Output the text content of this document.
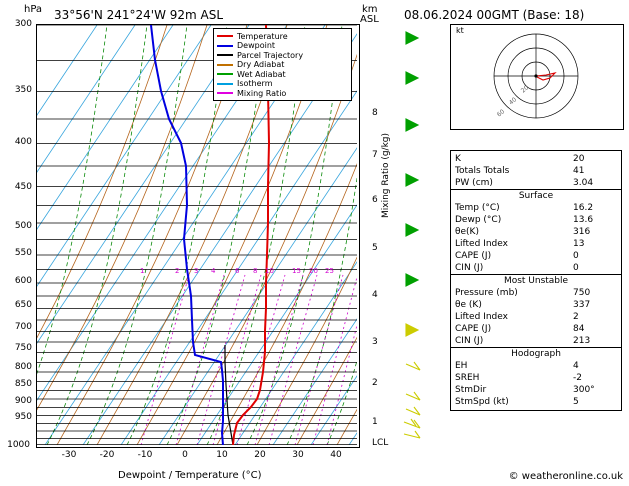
hPa 33°56'N 241°24'W 92m ASL	km
ASL 08.06.2024 00GMT (Base: 18)
1	2 3 4	6 8 10	15 20 25
Temperature
Dewpoint
Parcel Trajectory
Dry Adiabat
Wet Adiabat
Isotherm
Mixing Ratio
300
350
400
450
500
550
600
650
700
750
800
850
900
950
1000
-30	-20	-10	0	10	20	30	40
Dewpoint / Temperature (°C)
8
7
6
5
4
3
2
1
LCL
Mixing Ratio (g/kg)
20
40
60
kt
K	20
Totals Totals	41
PW (cm)	3.04
Surface
Temp (°C)	16.2
Dewp (°C)	13.6
θe(K)	316
Lifted Index	13
CAPE (J)	0
CIN (J)	0
Most Unstable
Pressure (mb)	750
θe (K)	337
Lifted Index	2
CAPE (J)	84
CIN (J)	213
Hodograph
EH	4
SREH	-2
StmDir	300°
StmSpd (kt)	5
© weatheronline.co.uk
